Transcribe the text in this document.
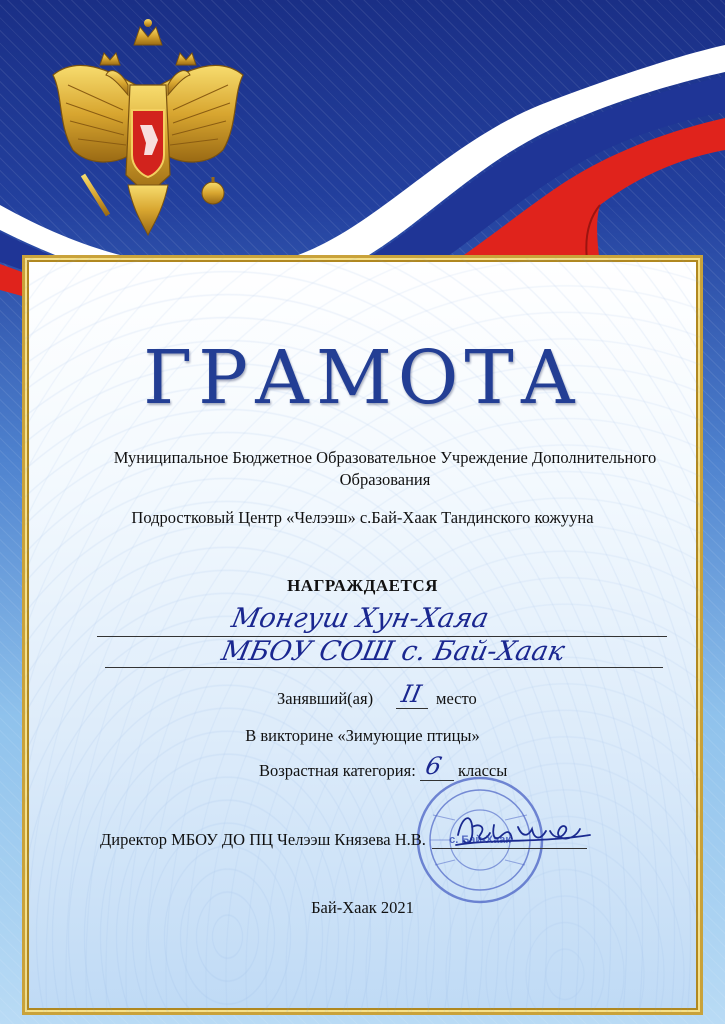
ГРАМОТА
Муниципальное Бюджетное Образовательное Учреждение Дополнительного Образования
Подростковый Центр «Челээш» с.Бай-Хаак Тандинского кожууна
НАГРАЖДАЕТСЯ
Монгуш Хун-Хаяа
МБОУ СОШ с. Бай-Хаак
Занявший(ая) II место
В викторине «Зимующие птицы»
Возрастная категория: 6 классы
с. Бай-Хаак
Директор МБОУ ДО ПЦ Челээш Князева Н.В.
Бай-Хаак 2021
